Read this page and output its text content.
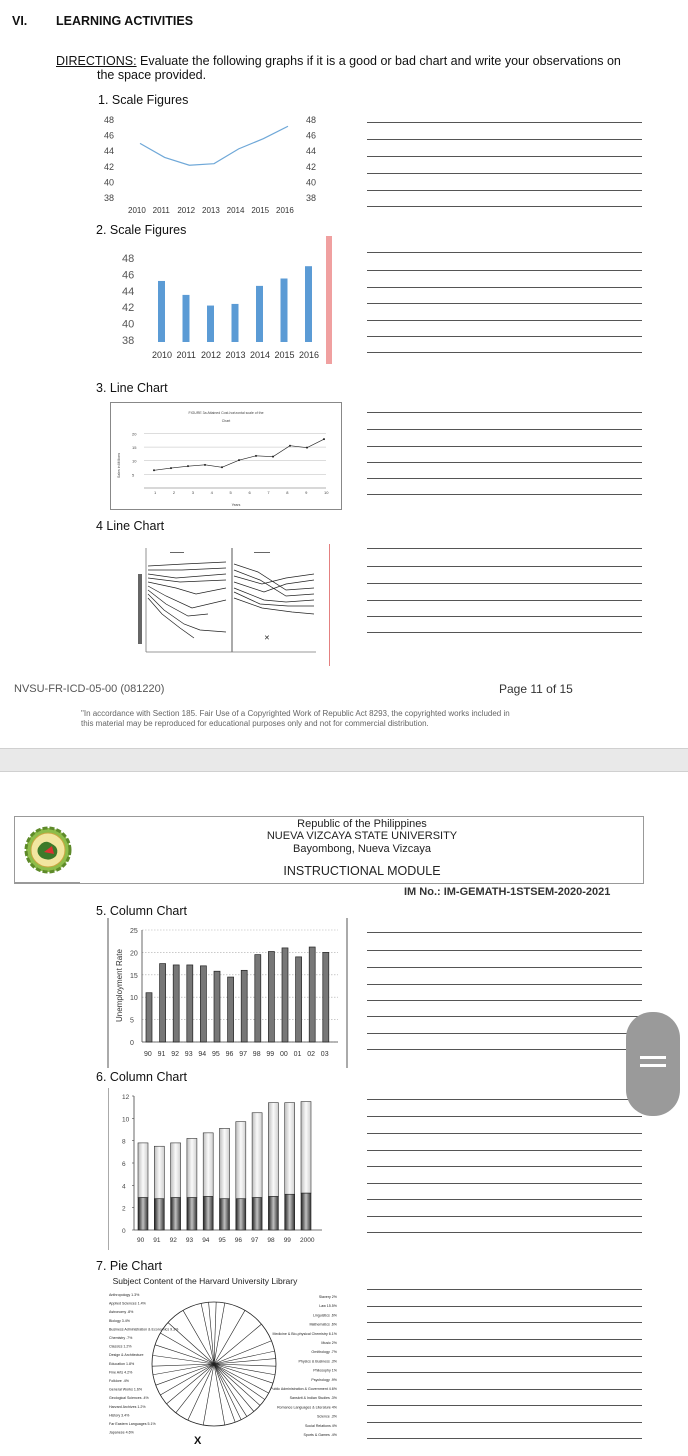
VI. LEARNING ACTIVITIES
DIRECTIONS: Evaluate the following graphs if it is a good or bad chart and write your observations on
the space provided.
1. Scale Figures
2. Scale Figures
3. Line Chart
4 Line Chart
48
46
44
42
40
38
48
46
44
42
40
38
2010 2011 2012 2013 2014 2015 2016
48
46
44
42
40
38
2010 2011 2012 2013 2014 2015 2016
FIGURE 3a Attained Cost-horizontal scale of the
Chart
Years
Sales in Millions
20
15
10
5
1	2	3	4	5	6	7	8	9	10
✕
NVSU-FR-ICD-05-00 (081220)	Page 11 of 15
"In accordance with Section 185. Fair Use of a Copyrighted Work of Republic Act 8293, the copyrighted works included in
this material may be reproduced for educational purposes only and not for commercial distribution.
Republic of the Philippines
NUEVA VIZCAYA STATE UNIVERSITY
Bayombong, Nueva Vizcaya
INSTRUCTIONAL MODULE
IM No.: IM-GEMATH-1STSEM-2020-2021
5. Column Chart
6. Column Chart
7. Pie Chart
Unemployment Rate
25
20
15
10
5
0
90 91 92 93 94 95 96 97 98 99 00 01 02 03
12
10
8
6
4
2
0
90 91 92 93 94 95 96 97 98 99 2000
Subject Content of the Harvard University Library
Anthropology 1.3%
Applied Sciences 1.4%
Astronomy .8%
Biology 3.4%
Business Administration & Economics 9.3%
Chemistry .7%
Classics 1.2%
Design & Architecture
Education 1.8%
Fine Arts 4.2%
Folklore .4%
General Works 1.6%
Geological Sciences .4%
Harvard Archives 1.2%
History 3.4%
Far Eastern Languages 5.1%
Japanese 4.6%
Slavery 2%
Law 15.5%
Linguistics .6%
Mathematics .6%
Medicine & Bio-physical Chemistry 6.1%
Music 2%
Ornithology .7%
Physics & Business .3%
Philosophy 1%
Psychology .9%
Public Administration & Government 4.6%
Sanskrit & Indian Studies .3%
Romance Languages & Literature 4%
Science .3%
Social Relations 4%
Sports & Games .4%
X
